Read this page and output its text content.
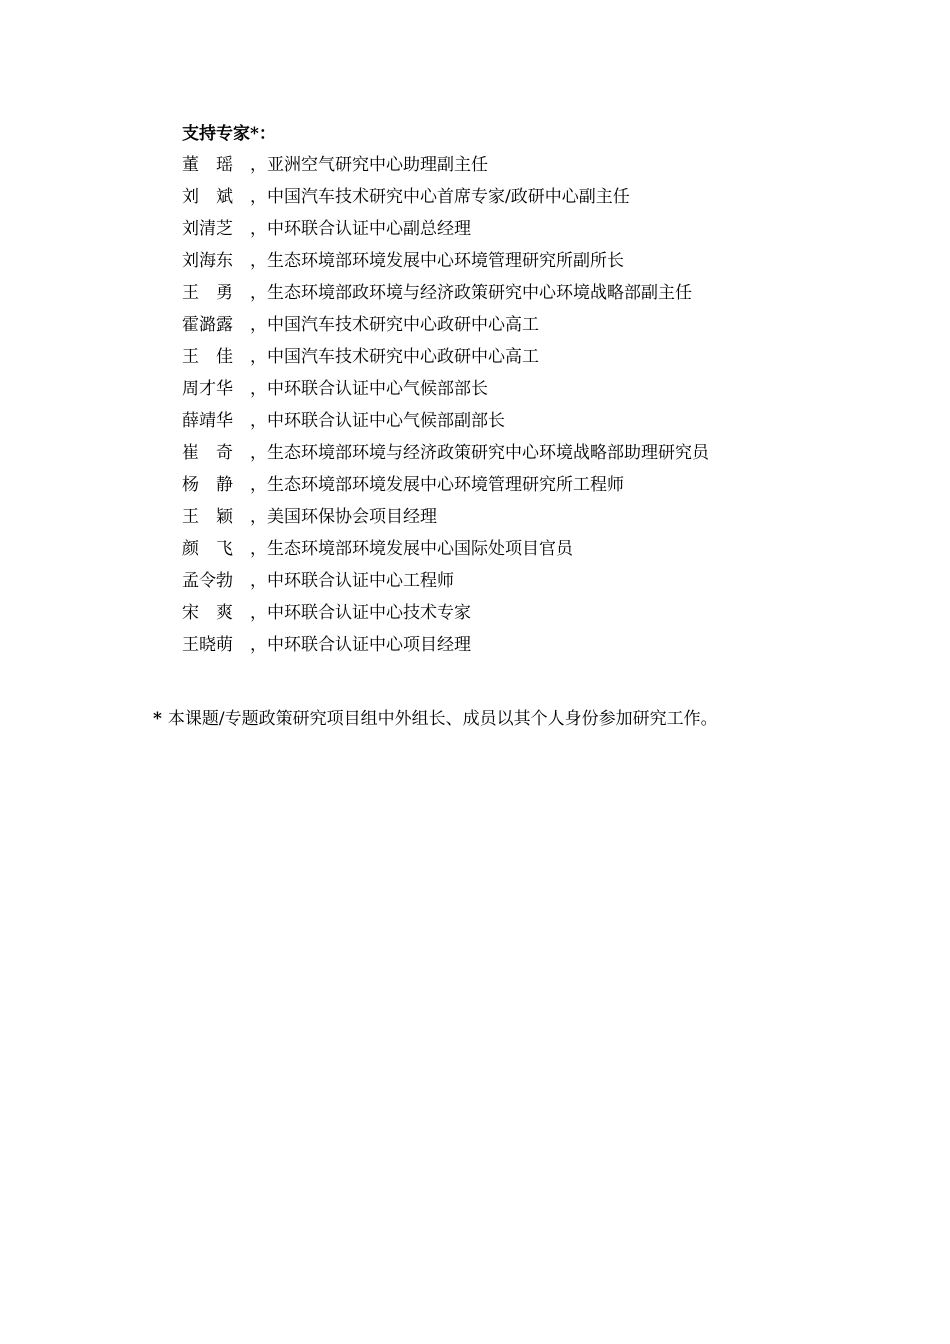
支持专家*：
董　瑶 ，亚洲空气研究中心助理副主任
刘　斌 ，中国汽车技术研究中心首席专家/政研中心副主任
刘清芝 ，中环联合认证中心副总经理
刘海东 ，生态环境部环境发展中心环境管理研究所副所长
王　勇 ，生态环境部政环境与经济政策研究中心环境战略部副主任
霍潞露 ，中国汽车技术研究中心政研中心高工
王　佳 ，中国汽车技术研究中心政研中心高工
周才华 ，中环联合认证中心气候部部长
薛靖华 ，中环联合认证中心气候部副部长
崔　奇 ，生态环境部环境与经济政策研究中心环境战略部助理研究员
杨　静 ，生态环境部环境发展中心环境管理研究所工程师
王　颖 ，美国环保协会项目经理
颜　飞 ，生态环境部环境发展中心国际处项目官员
孟令勃 ，中环联合认证中心工程师
宋　爽 ，中环联合认证中心技术专家
王晓萌 ，中环联合认证中心项目经理
* 本课题/专题政策研究项目组中外组长、成员以其个人身份参加研究工作。
